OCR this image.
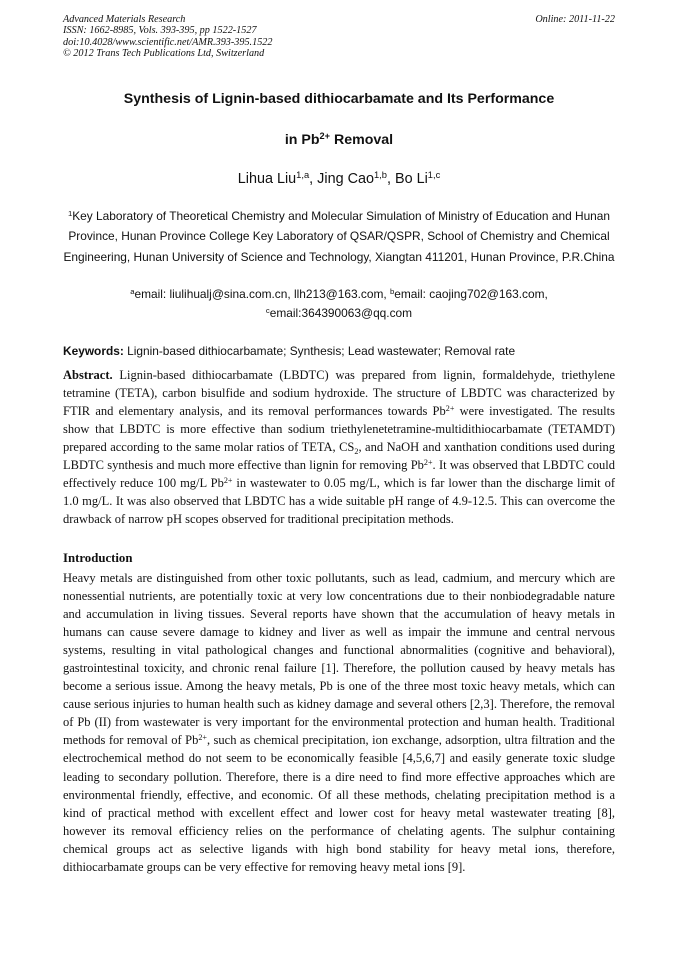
Advanced Materials Research
ISSN: 1662-8985, Vols. 393-395, pp 1522-1527
doi:10.4028/www.scientific.net/AMR.393-395.1522
© 2012 Trans Tech Publications Ltd, Switzerland
Online: 2011-11-22
Synthesis of Lignin-based dithiocarbamate and Its Performance
in $Pb^{2+}$ Removal
Lihua Liu$^{1,a}$, Jing Cao$^{1,b}$, Bo Li$^{1,c}$
$^1$Key Laboratory of Theoretical Chemistry and Molecular Simulation of Ministry of Education and Hunan Province, Hunan Province College Key Laboratory of QSAR/QSPR, School of Chemistry and Chemical Engineering, Hunan University of Science and Technology, Xiangtan 411201, Hunan Province, P.R.China
$^a$email: liulihualj@sina.com.cn, llh213@163.com, $^b$email: caojing702@163.com,
$^c$email:364390063@qq.com
Keywords: Lignin-based dithiocarbamate; Synthesis; Lead wastewater; Removal rate
Abstract. Lignin-based dithiocarbamate (LBDTC) was prepared from lignin, formaldehyde, triethylene tetramine (TETA), carbon bisulfide and sodium hydroxide. The structure of LBDTC was characterized by FTIR and elementary analysis, and its removal performances towards $Pb^{2+}$ were investigated. The results show that LBDTC is more effective than sodium triethylenetetramine-multidithiocarbamate (TETAMDT) prepared according to the same molar ratios of TETA, $CS_2$, and NaOH and xanthation conditions used during LBDTC synthesis and much more effective than lignin for removing $Pb^{2+}$. It was observed that LBDTC could effectively reduce 100 mg/L $Pb^{2+}$ in wastewater to 0.05 mg/L, which is far lower than the discharge limit of 1.0 mg/L. It was also observed that LBDTC has a wide suitable pH range of 4.9-12.5. This can overcome the drawback of narrow pH scopes observed for traditional precipitation methods.
Introduction
Heavy metals are distinguished from other toxic pollutants, such as lead, cadmium, and mercury which are nonessential nutrients, are potentially toxic at very low concentrations due to their nonbiodegradable nature and accumulation in living tissues. Several reports have shown that the accumulation of heavy metals in humans can cause severe damage to kidney and liver as well as impair the immune and central nervous systems, resulting in vital pathological changes and functional abnormalities (cognitive and behavioral), gastrointestinal toxicity, and chronic renal failure [1]. Therefore, the pollution caused by heavy metals has become a serious issue. Among the heavy metals, Pb is one of the three most toxic heavy metals, which can cause serious injuries to human health such as kidney damage and several others [2,3]. Therefore, the removal of Pb (II) from wastewater is very important for the environmental protection and human health. Traditional methods for removal of $Pb^{2+}$, such as chemical precipitation, ion exchange, adsorption, ultra filtration and the electrochemical method do not seem to be economically feasible [4,5,6,7] and easily generate toxic sludge leading to secondary pollution. Therefore, there is a dire need to find more effective approaches which are environmental friendly, effective, and economic. Of all these methods, chelating precipitation method is a kind of practical method with excellent effect and lower cost for heavy metal wastewater treating [8], however its removal efficiency relies on the performance of chelating agents. The sulphur containing chemical groups act as selective ligands with high bond stability for heavy metal ions, therefore, dithiocarbamate groups can be very effective for removing heavy metal ions [9].
